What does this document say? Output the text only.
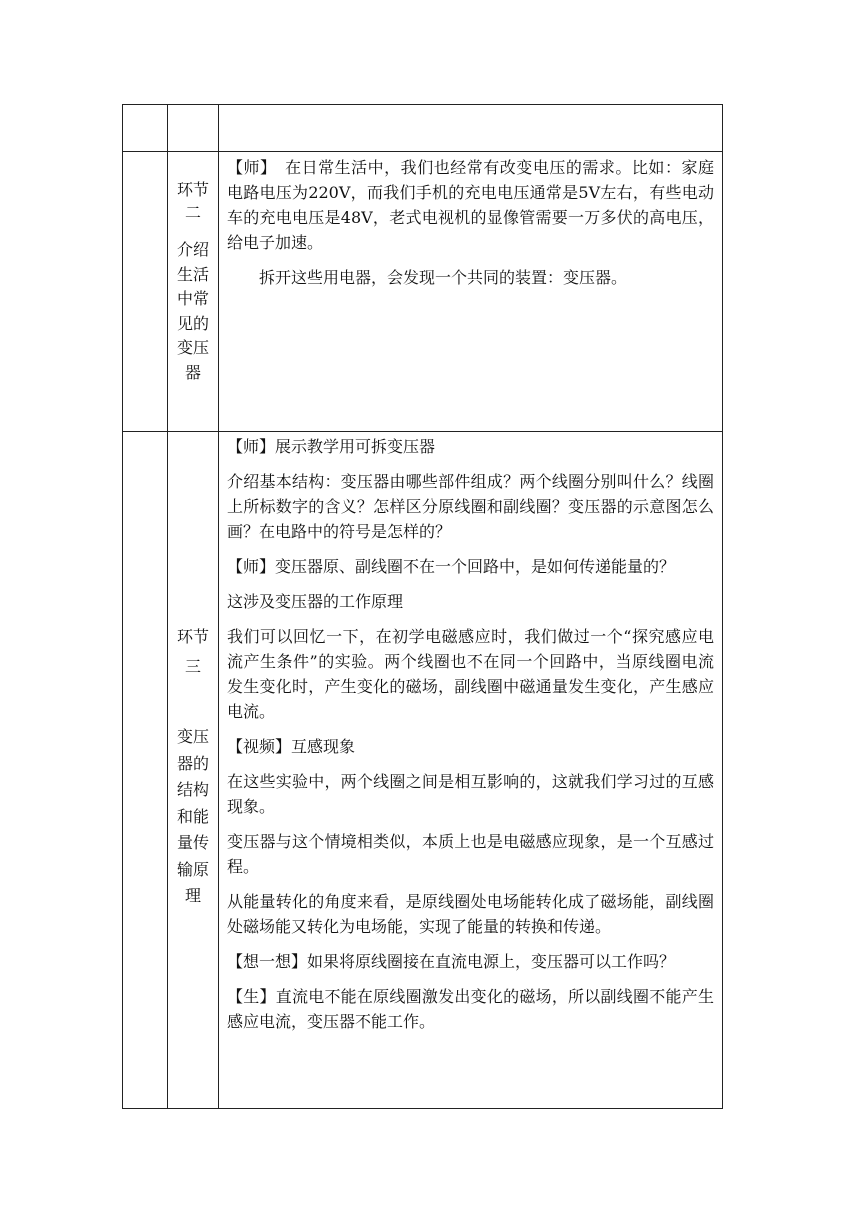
环节
二
介绍
生活
中常
见的
变压
器

【师】　在日常生活中，我们也经常有改变电压的需求。比如：家庭电路电压为220V，而我们手机的充电电压通常是5V左右，有些电动车的充电电压是48V，老式电视机的显像管需要一万多伏的高电压，给电子加速。

拆开这些用电器，会发现一个共同的装置：变压器。

环节
三
变压
器的
结构
和能
量传
输原
理

【师】展示教学用可拆变压器

介绍基本结构：变压器由哪些部件组成？两个线圈分别叫什么？线圈上所标数字的含义？怎样区分原线圈和副线圈？变压器的示意图怎么画？在电路中的符号是怎样的？

【师】变压器原、副线圈不在一个回路中，是如何传递能量的？

这涉及变压器的工作原理

我们可以回忆一下，在初学电磁感应时，我们做过一个“探究感应电流产生条件”的实验。两个线圈也不在同一个回路中，当原线圈电流发生变化时，产生变化的磁场，副线圈中磁通量发生变化，产生感应电流。

【视频】互感现象

在这些实验中，两个线圈之间是相互影响的，这就我们学习过的互感现象。

变压器与这个情境相类似，本质上也是电磁感应现象，是一个互感过程。

从能量转化的角度来看，是原线圈处电场能转化成了磁场能，副线圈处磁场能又转化为电场能，实现了能量的转换和传递。

【想一想】如果将原线圈接在直流电源上，变压器可以工作吗？

【生】直流电不能在原线圈激发出变化的磁场，所以副线圈不能产生感应电流，变压器不能工作。
